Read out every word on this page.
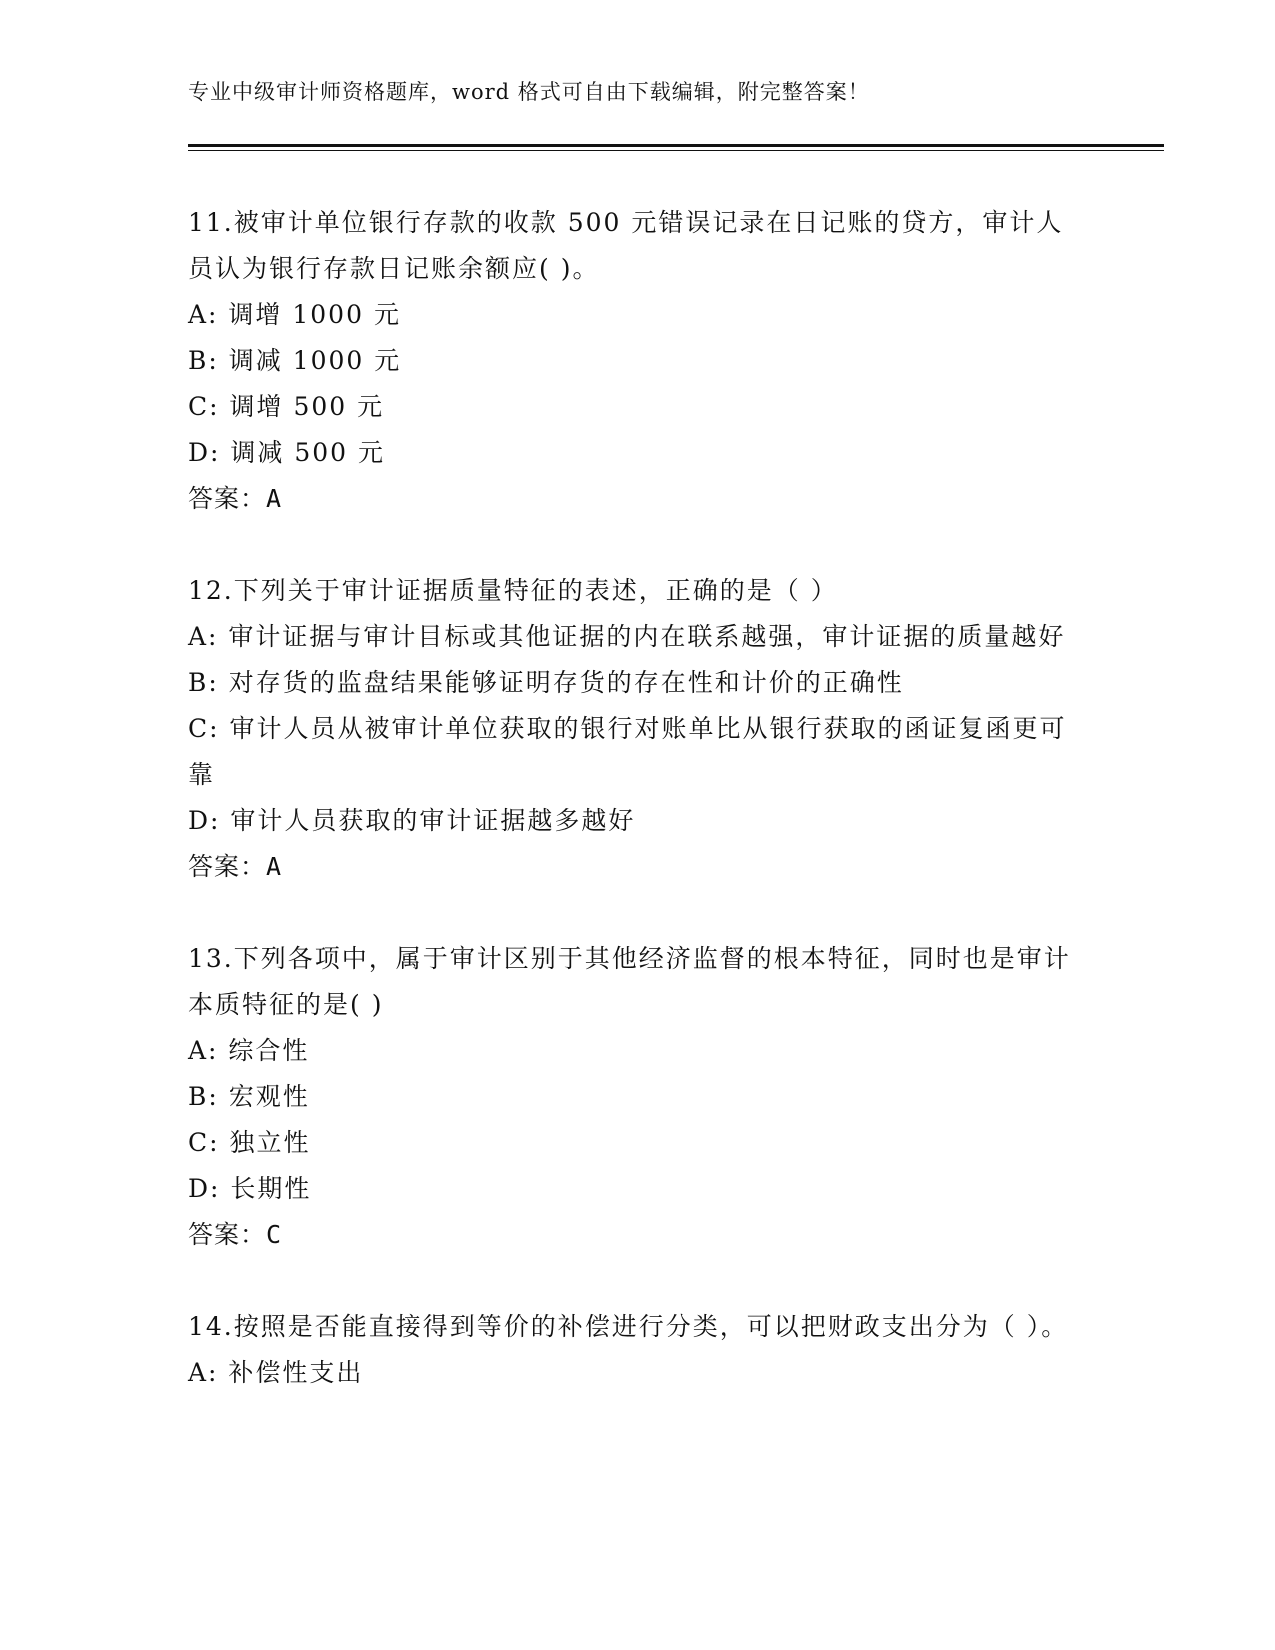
专业中级审计师资格题库，word 格式可自由下载编辑，附完整答案！

11.被审计单位银行存款的收款 500 元错误记录在日记账的贷方，审计人员认为银行存款日记账余额应( )。

A: 调增 1000 元

B: 调减 1000 元

C: 调增 500 元

D: 调减 500 元

答案：A

12.下列关于审计证据质量特征的表述，正确的是（ ）

A: 审计证据与审计目标或其他证据的内在联系越强，审计证据的质量越好

B: 对存货的监盘结果能够证明存货的存在性和计价的正确性

C: 审计人员从被审计单位获取的银行对账单比从银行获取的函证复函更可靠

D: 审计人员获取的审计证据越多越好

答案：A

13.下列各项中，属于审计区别于其他经济监督的根本特征，同时也是审计本质特征的是( )

A: 综合性

B: 宏观性

C: 独立性

D: 长期性

答案：C

14.按照是否能直接得到等价的补偿进行分类，可以把财政支出分为（ ）。

A: 补偿性支出
